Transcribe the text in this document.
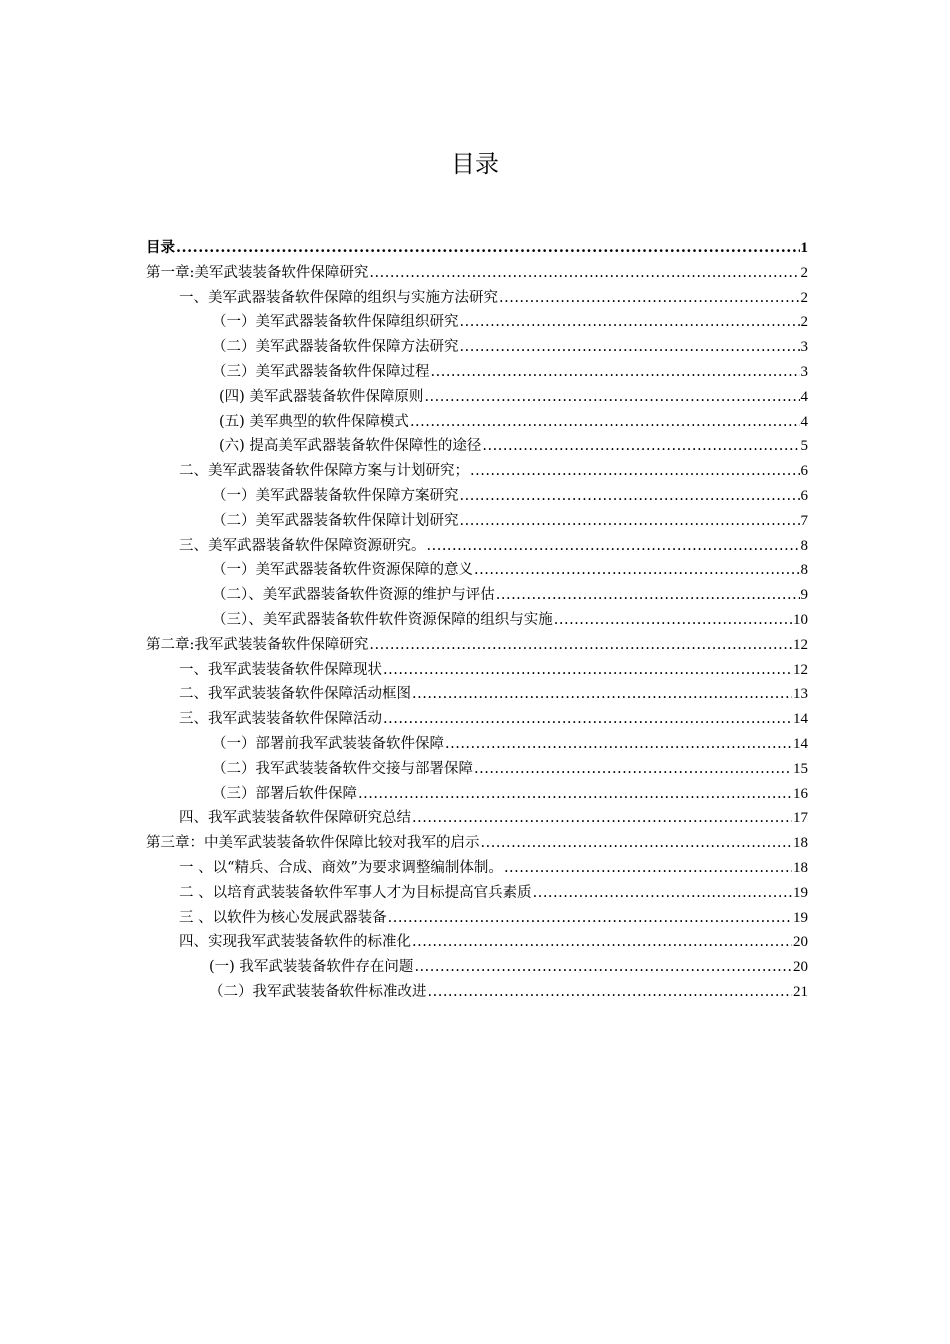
目录
目录 .....	1
第一章:美军武装装备软件保障研究 .....	2
一、美军武器装备软件保障的组织与实施方法研究 .....	2
（一）美军武器装备软件保障组织研究 .....	2
（二）美军武器装备软件保障方法研究 .....	3
（三）美军武器装备软件保障过程 .....	3
(四) 美军武器装备软件保障原则 .....	4
(五) 美军典型的软件保障模式 .....	4
(六) 提高美军武器装备软件保障性的途径 .....	5
二、美军武器装备软件保障方案与计划研究； .....	6
（一）美军武器装备软件保障方案研究 .....	6
（二）美军武器装备软件保障计划研究 .....	7
三、美军武器装备软件保障资源研究。 .....	8
（一）美军武器装备软件资源保障的意义 .....	8
（二）、美军武器装备软件资源的维护与评估 .....	9
（三）、美军武器装备软件软件资源保障的组织与实施 .....	10
第二章:我军武装装备软件保障研究 .....	12
一、我军武装装备软件保障现状 .....	12
二、我军武装装备软件保障活动框图 .....	13
三、我军武装装备软件保障活动 .....	14
（一）部署前我军武装装备软件保障 .....	14
（二）我军武装装备软件交接与部署保障 .....	15
（三）部署后软件保障 .....	16
四、我军武装装备软件保障研究总结 .....	17
第三章：中美军武装装备软件保障比较对我军的启示 .....	18
一 、以“精兵、合成、商效”为要求调整编制体制。 .....	18
二 、以培育武装装备软件军事人才为目标提高官兵素质 .....	19
三 、以软件为核心发展武器装备 .....	19
四、实现我军武装装备软件的标准化 .....	20
(一) 我军武装装备软件存在问题 .....	20
（二）我军武装装备软件标准改进 .....	21
